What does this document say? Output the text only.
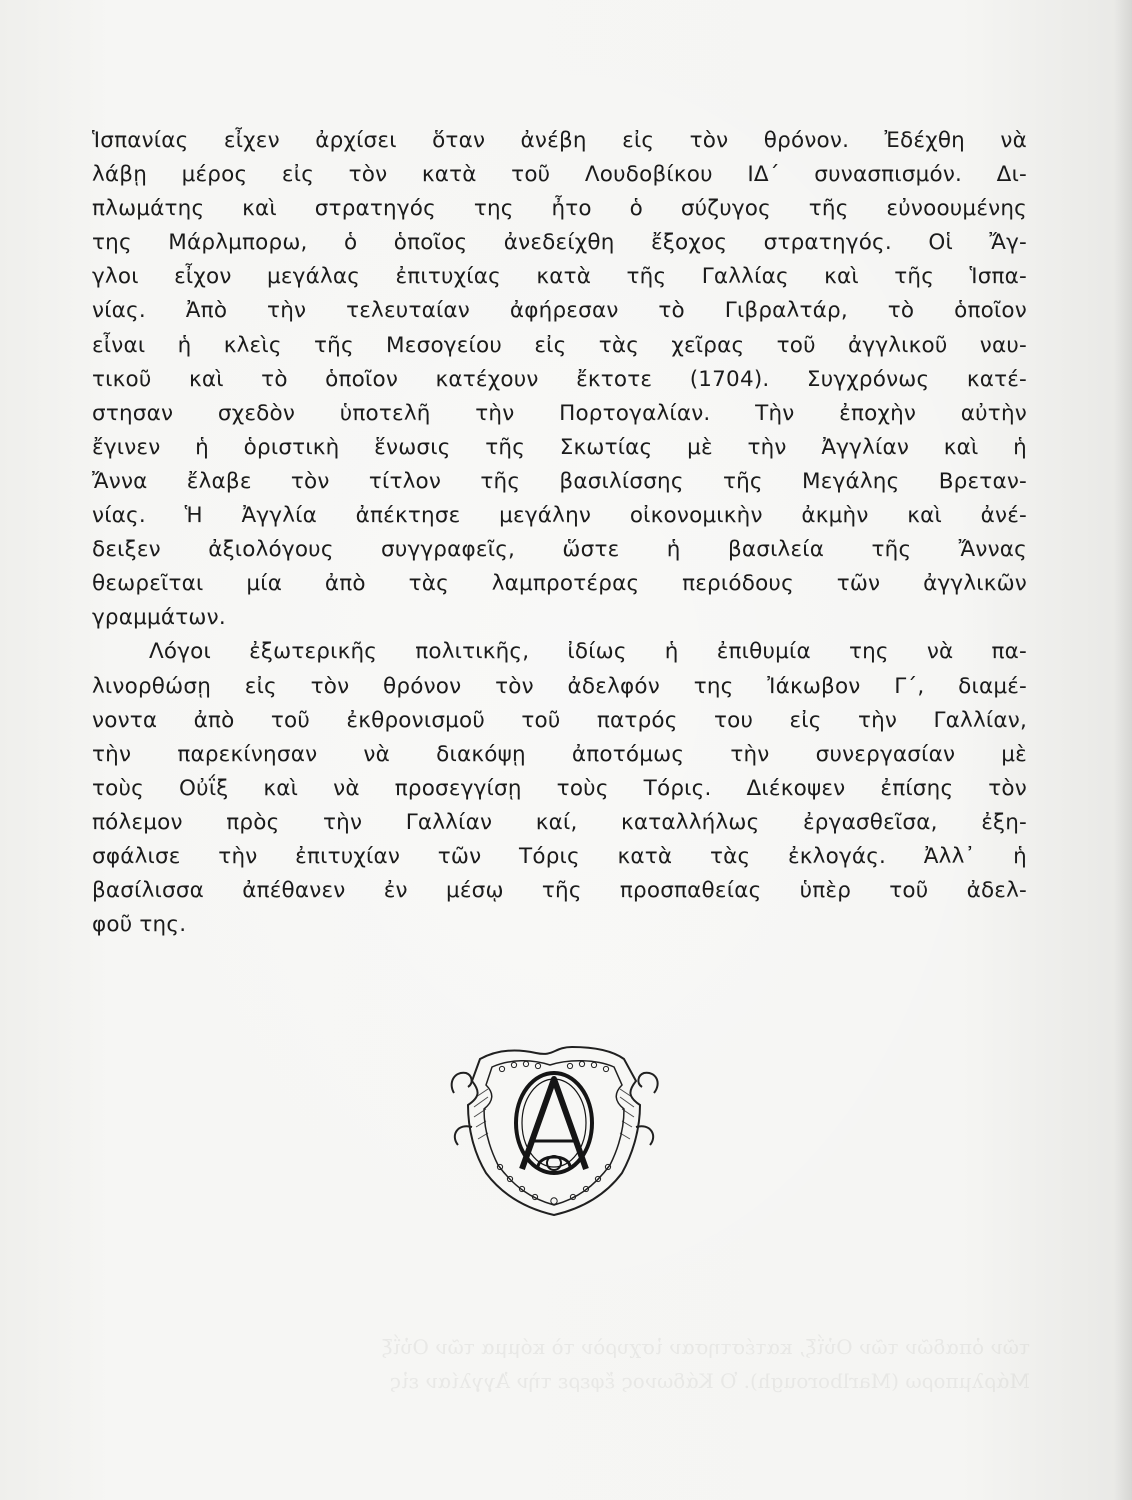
Ἱσπανίας εἶχεν ἀρχίσει ὅταν ἀνέβη εἰς τὸν θρόνον. Ἐδέχθη νὰ
λάβῃ μέρος εἰς τὸν κατὰ τοῦ Λουδοβίκου ΙΔ΄ συνασπισμόν. Δι-
πλωμάτης καὶ στρατηγός της ἦτο ὁ σύζυγος τῆς εὐνοουμένης
της Μάρλμπορω, ὁ ὁποῖος ἀνεδείχθη ἔξοχος στρατηγός. Οἱ Ἄγ-
γλοι εἶχον μεγάλας ἐπιτυχίας κατὰ τῆς Γαλλίας καὶ τῆς Ἱσπα-
νίας. Ἀπὸ τὴν τελευταίαν ἀφήρεσαν τὸ Γιβραλτάρ, τὸ ὁποῖον
εἶναι ἡ κλεὶς τῆς Μεσογείου εἰς τὰς χεῖρας τοῦ ἀγγλικοῦ ναυ-
τικοῦ καὶ τὸ ὁποῖον κατέχουν ἔκτοτε (1704). Συγχρόνως κατέ-
στησαν σχεδὸν ὑποτελῆ τὴν Πορτογαλίαν. Τὴν ἐποχὴν αὐτὴν
ἔγινεν ἡ ὁριστικὴ ἕνωσις τῆς Σκωτίας μὲ τὴν Ἀγγλίαν καὶ ἡ
Ἄννα ἔλαβε τὸν τίτλον τῆς βασιλίσσης τῆς Μεγάλης Βρεταν-
νίας. Ἡ Ἀγγλία ἀπέκτησε μεγάλην οἰκονομικὴν ἀκμὴν καὶ ἀνέ-
δειξεν ἀξιολόγους συγγραφεῖς, ὥστε ἡ βασιλεία τῆς Ἄννας
θεωρεῖται μία ἀπὸ τὰς λαμπροτέρας περιόδους τῶν ἀγγλικῶν
γραμμάτων.
Λόγοι ἐξωτερικῆς πολιτικῆς, ἰδίως ἡ ἐπιθυμία της νὰ πα-
λινορθώσῃ εἰς τὸν θρόνον τὸν ἀδελφόν της Ἰάκωβον Γ΄, διαμέ-
νοντα ἀπὸ τοῦ ἐκθρονισμοῦ τοῦ πατρός του εἰς τὴν Γαλλίαν,
τὴν παρεκίνησαν νὰ διακόψῃ ἀποτόμως τὴν συνεργασίαν μὲ
τοὺς Οὐΐξ καὶ νὰ προσεγγίσῃ τοὺς Τόρις. Διέκοψεν ἐπίσης τὸν
πόλεμον πρὸς τὴν Γαλλίαν καί, καταλλήλως ἐργασθεῖσα, ἐξη-
σφάλισε τὴν ἐπιτυχίαν τῶν Τόρις κατὰ τὰς ἐκλογάς. Ἀλλ᾽ ἡ
βασίλισσα ἀπέθανεν ἐν μέσῳ τῆς προσπαθείας ὑπὲρ τοῦ ἀδελ-
φοῦ της.
τῶν ὀπαδῶν τῶν Οὐΐξ, κατέστησαν ἰσχυρὸν τὸ κόμμα τῶν Οὐΐξ
Μάρλμπορω (Marlborough). Ὁ Κάδωνος ἔφερε τὴν Ἀγγλίαν εἰς
